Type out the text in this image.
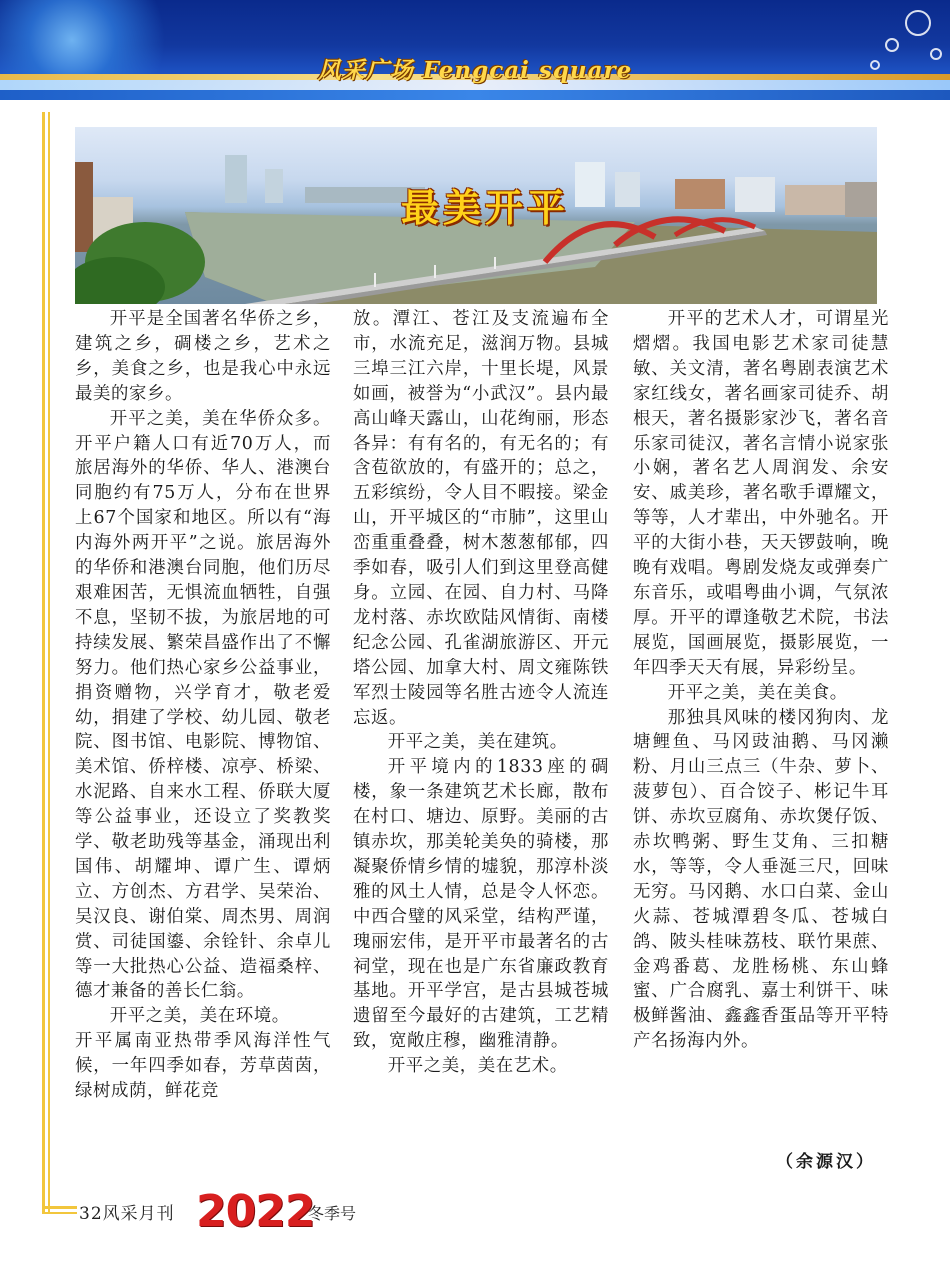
风采广场 Fengcai square
最美开平

开平是全国著名华侨之乡，建筑之乡，碉楼之乡，艺术之乡，美食之乡，也是我心中永远最美的家乡。

开平之美，美在华侨众多。开平户籍人口有近70万人，而旅居海外的华侨、华人、港澳台同胞约有75万人，分布在世界上67个国家和地区。所以有“海内海外两开平”之说。旅居海外的华侨和港澳台同胞，他们历尽艰难困苦，无惧流血牺牲，自强不息，坚韧不拔，为旅居地的可持续发展、繁荣昌盛作出了不懈努力。他们热心家乡公益事业，捐资赠物，兴学育才，敬老爱幼，捐建了学校、幼儿园、敬老院、图书馆、电影院、博物馆、美术馆、侨梓楼、凉亭、桥梁、水泥路、自来水工程、侨联大厦等公益事业，还设立了奖教奖学、敬老助残等基金，涌现出利国伟、胡耀坤、谭广生、谭炳立、方创杰、方君学、吴荣治、吴汉良、谢伯棠、周杰男、周润赏、司徒国鎏、余铨针、余卓儿等一大批热心公益、造福桑梓、德才兼备的善长仁翁。

开平之美，美在环境。

开平属南亚热带季风海洋性气候，一年四季如春，芳草茵茵，绿树成荫，鲜花竞

放。潭江、苍江及支流遍布全市，水流充足，滋润万物。县城三埠三江六岸，十里长堤，风景如画，被誉为“小武汉”。县内最高山峰天露山，山花绚丽，形态各异：有有名的，有无名的；有含苞欲放的，有盛开的；总之，五彩缤纷，令人目不暇接。梁金山，开平城区的“市肺”，这里山峦重重叠叠，树木葱葱郁郁，四季如春，吸引人们到这里登高健身。立园、在园、自力村、马降龙村落、赤坎欧陆风情街、南楼纪念公园、孔雀湖旅游区、开元塔公园、加拿大村、周文雍陈铁军烈士陵园等名胜古迹令人流连忘返。

开平之美，美在建筑。

开平境内的1833座的碉楼，象一条建筑艺术长廊，散布在村口、塘边、原野。美丽的古镇赤坎，那美轮美奂的骑楼，那凝聚侨情乡情的墟貌，那淳朴淡雅的风土人情，总是令人怀恋。中西合璧的风采堂，结构严谨，瑰丽宏伟，是开平市最著名的古祠堂，现在也是广东省廉政教育基地。开平学宫，是古县城苍城遗留至今最好的古建筑，工艺精致，宽敞庄穆，幽雅清静。

开平之美，美在艺术。

开平的艺术人才，可谓星光熠熠。我国电影艺术家司徒慧敏、关文清，著名粤剧表演艺术家红线女，著名画家司徒乔、胡根天，著名摄影家沙飞，著名音乐家司徒汉，著名言情小说家张小娴，著名艺人周润发、余安安、戚美珍，著名歌手谭耀文，等等，人才辈出，中外驰名。开平的大街小巷，天天锣鼓响，晚晚有戏唱。粤剧发烧友或弹奏广东音乐，或唱粤曲小调，气氛浓厚。开平的谭逢敬艺术院，书法展览，国画展览，摄影展览，一年四季天天有展，异彩纷呈。

开平之美，美在美食。

那独具风味的楼冈狗肉、龙塘鲤鱼、马冈豉油鹅、马冈濑粉、月山三点三（牛杂、萝卜、菠萝包）、百合饺子、彬记牛耳饼、赤坎豆腐角、赤坎煲仔饭、赤坎鸭粥、野生艾角、三扣糖水，等等，令人垂涎三尺，回味无穷。马冈鹅、水口白菜、金山火蒜、苍城潭碧冬瓜、苍城白鸽、陂头桂味荔枝、联竹果蔗、金鸡番葛、龙胜杨桃、东山蜂蜜、广合腐乳、嘉士利饼干、味极鲜酱油、鑫鑫香蛋品等开平特产名扬海内外。

（余源汉）
32风采月刊 2022
冬季号
